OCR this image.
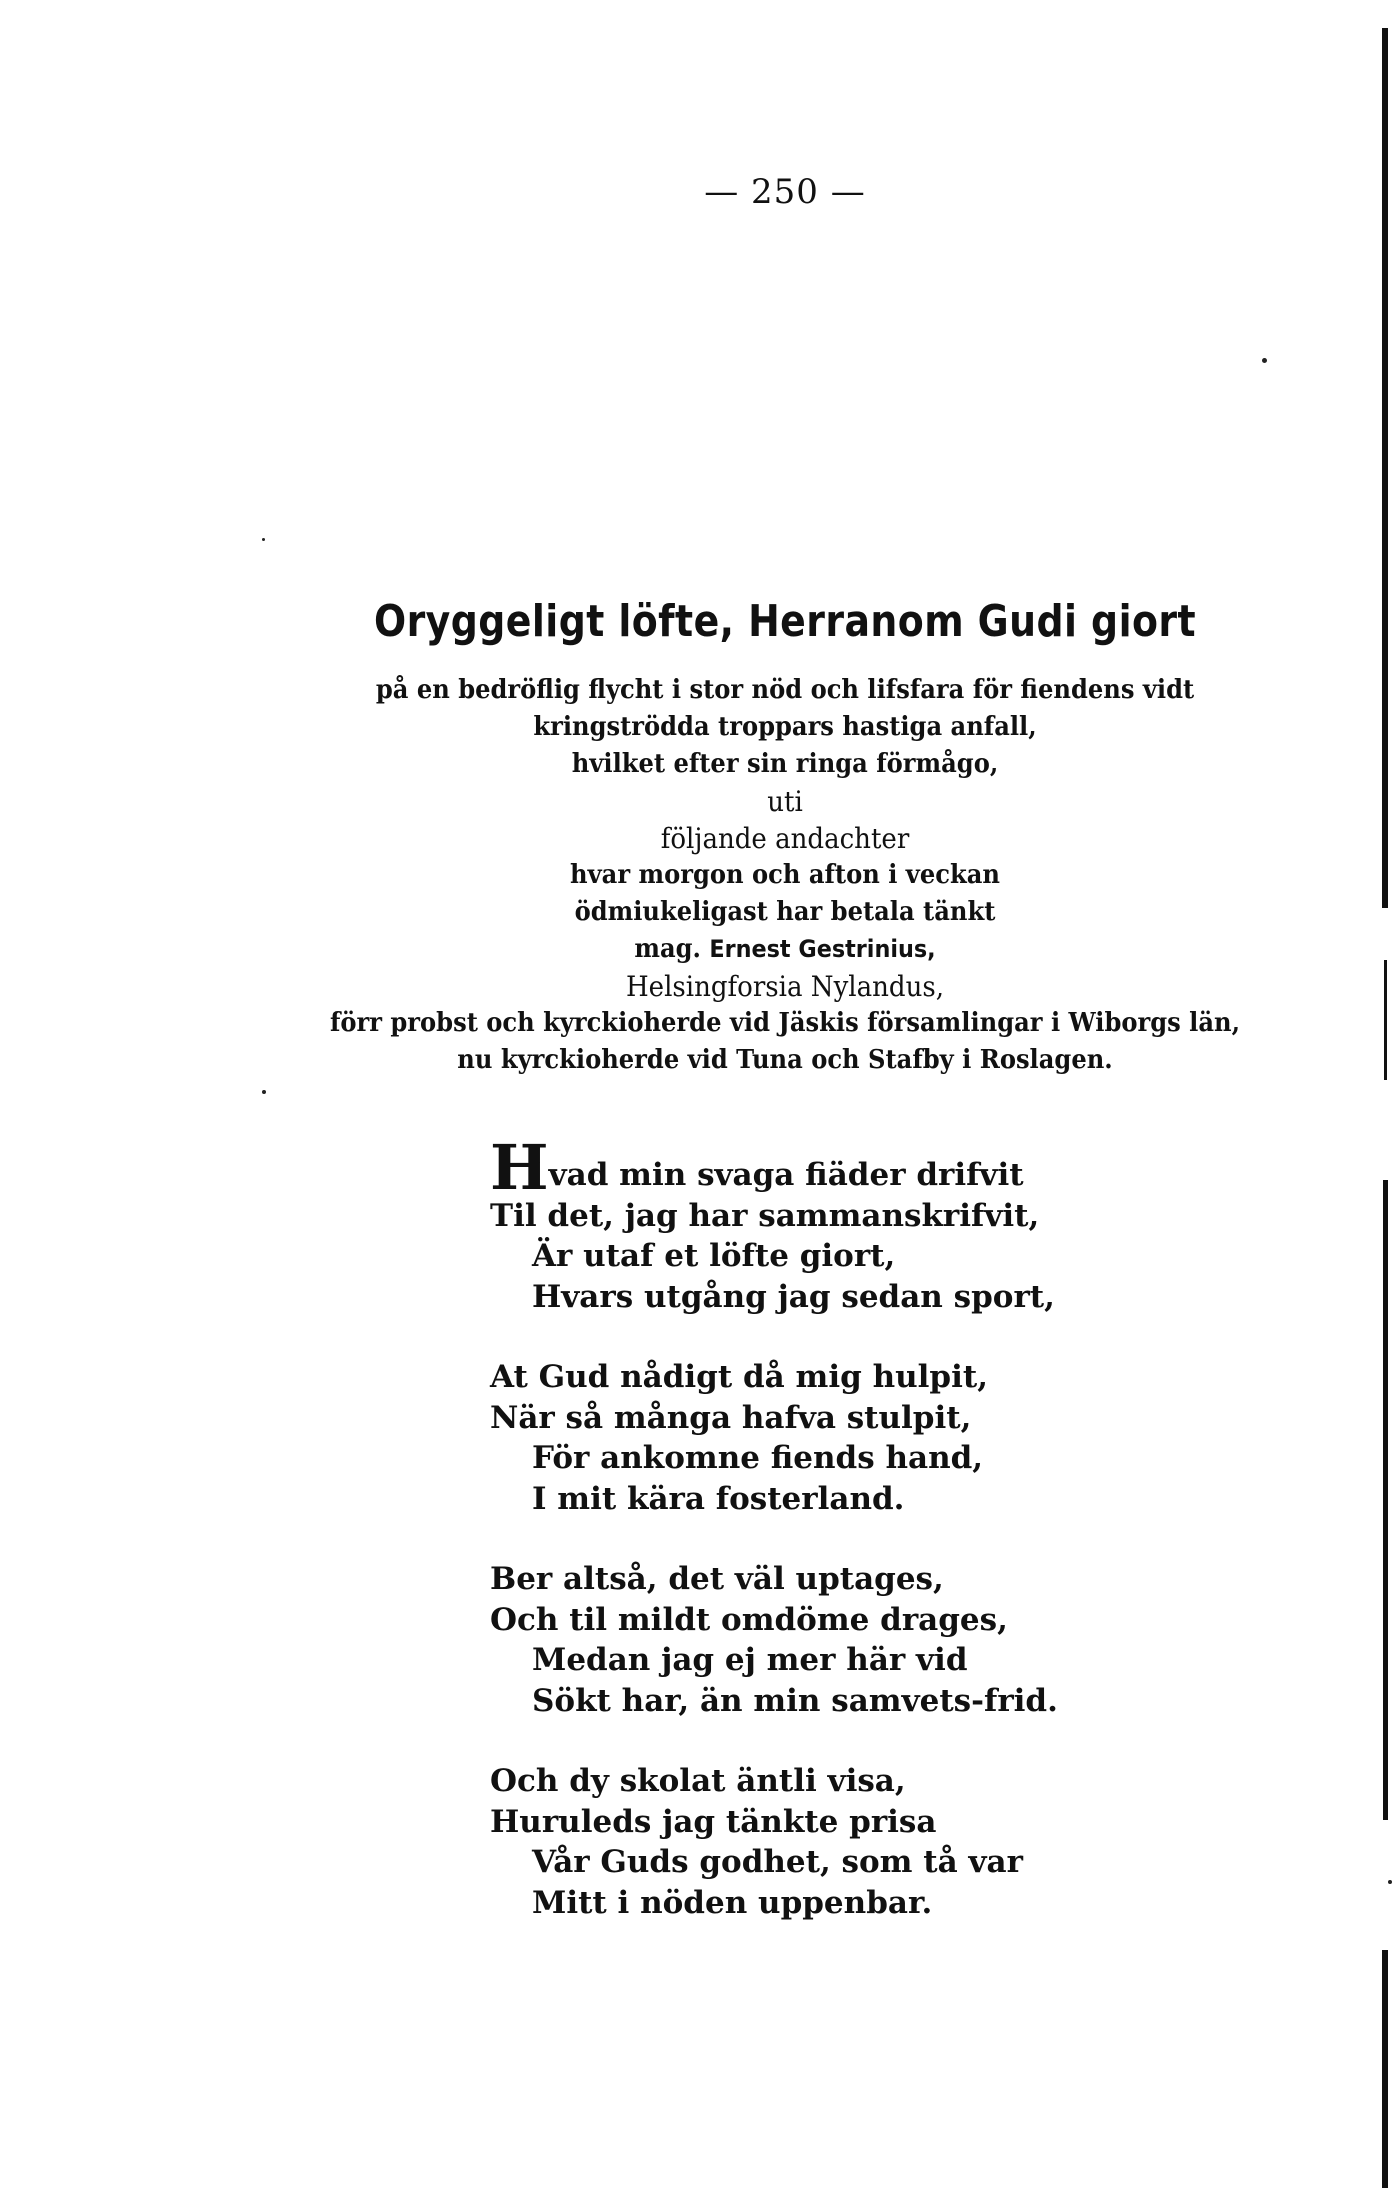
— 250 —
Oryggeligt löfte, Herranom Gudi giort
på en bedröflig flycht i stor nöd och lifsfara för fiendens vidt
kringströdda troppars hastiga anfall,
hvilket efter sin ringa förmågo,
uti
följande andachter
hvar morgon och afton i veckan
ödmiukeligast har betala tänkt
mag. Ernest Gestrinius,
Helsingforsia Nylandus,
förr probst och kyrckioherde vid Jäskis församlingar i Wiborgs län,
nu kyrckioherde vid Tuna och Stafby i Roslagen.
Hvad min svaga fiäder drifvit
Til det, jag har sammanskrifvit,
Är utaf et löfte giort,
Hvars utgång jag sedan sport,
At Gud nådigt då mig hulpit,
När så många hafva stulpit,
För ankomne fiends hand,
I mit kära fosterland.
Ber altså, det väl uptages,
Och til mildt omdöme drages,
Medan jag ej mer här vid
Sökt har, än min samvets-frid.
Och dy skolat äntli visa,
Huruleds jag tänkte prisa
Vår Guds godhet, som tå var
Mitt i nöden uppenbar.
